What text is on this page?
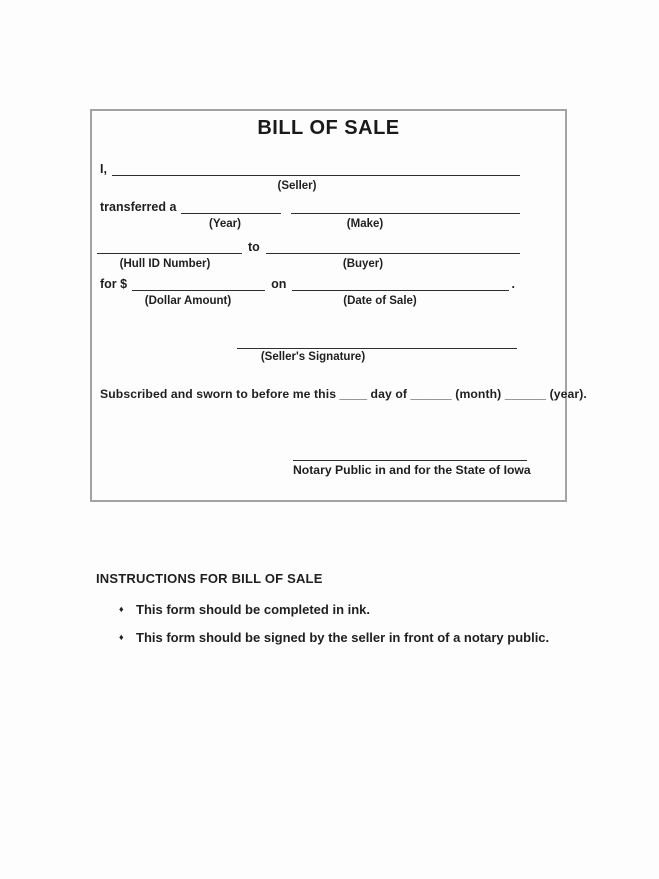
BILL OF SALE
I,
(Seller)
transferred a
(Year)	(Make)
to
(Hull ID Number)	(Buyer)
for $	on	.
(Dollar Amount)	(Date of Sale)
(Seller's Signature)
Subscribed and sworn to before me this ____ day of ______ (month) ______ (year).
Notary Public in and for the State of Iowa
INSTRUCTIONS FOR BILL OF SALE
♦ This form should be completed in ink.
♦ This form should be signed by the seller in front of a notary public.
